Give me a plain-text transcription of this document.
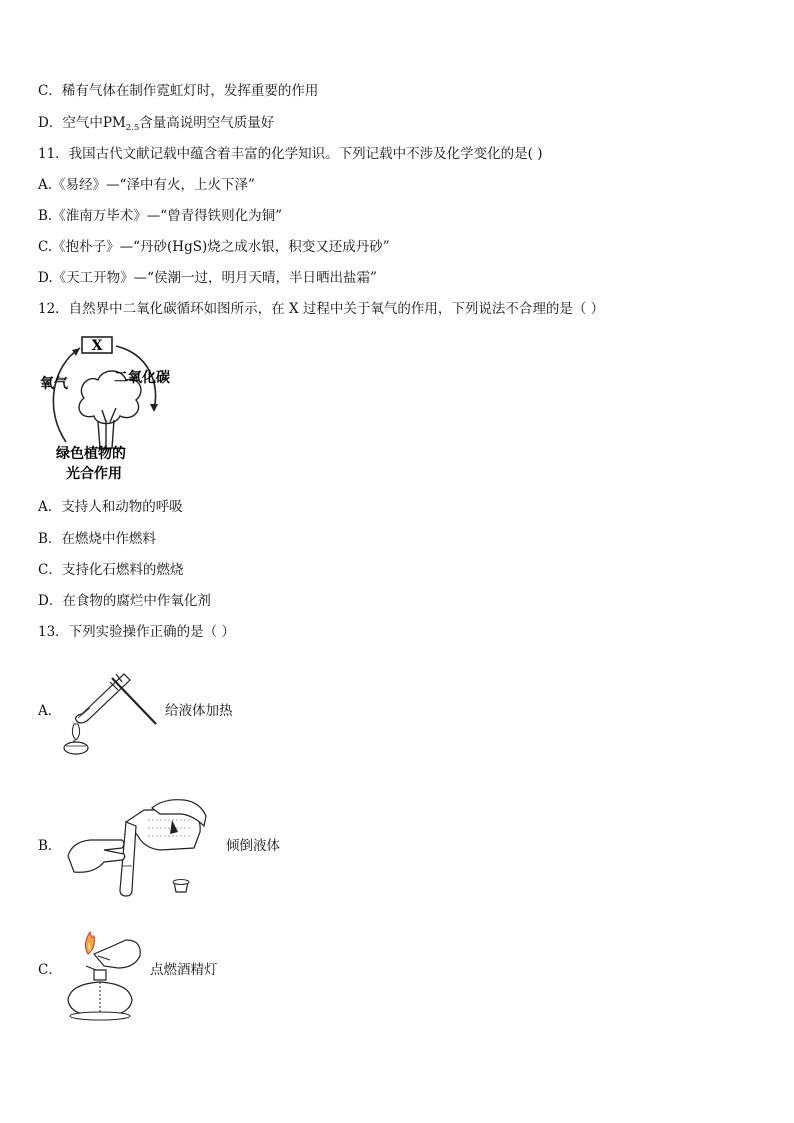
C．稀有气体在制作霓虹灯时，发挥重要的作用
D．空气中$PM_{2.5}$含量高说明空气质量好
11．我国古代文献记载中蕴含着丰富的化学知识。下列记载中不涉及化学变化的是( )
A.《易经》—“泽中有火，上火下泽”
B.《淮南万毕术》—“曾青得铁则化为铜”
C.《抱朴子》—“丹砂(HgS)烧之成水银，积变又还成丹砂”
D.《天工开物》—“侯潮一过，明月天晴，半日晒出盐霜”
12．自然界中二氧化碳循环如图所示，在 X 过程中关于氧气的作用，下列说法不合理的是（ ）
X
氧气	二氧化碳
绿色植物的
光合作用
A．支持人和动物的呼吸
B．在燃烧中作燃料
C．支持化石燃料的燃烧
D．在食物的腐烂中作氧化剂
13．下列实验操作正确的是（ ）
A．	给液体加热
B．	倾倒液体
C．	点燃酒精灯
